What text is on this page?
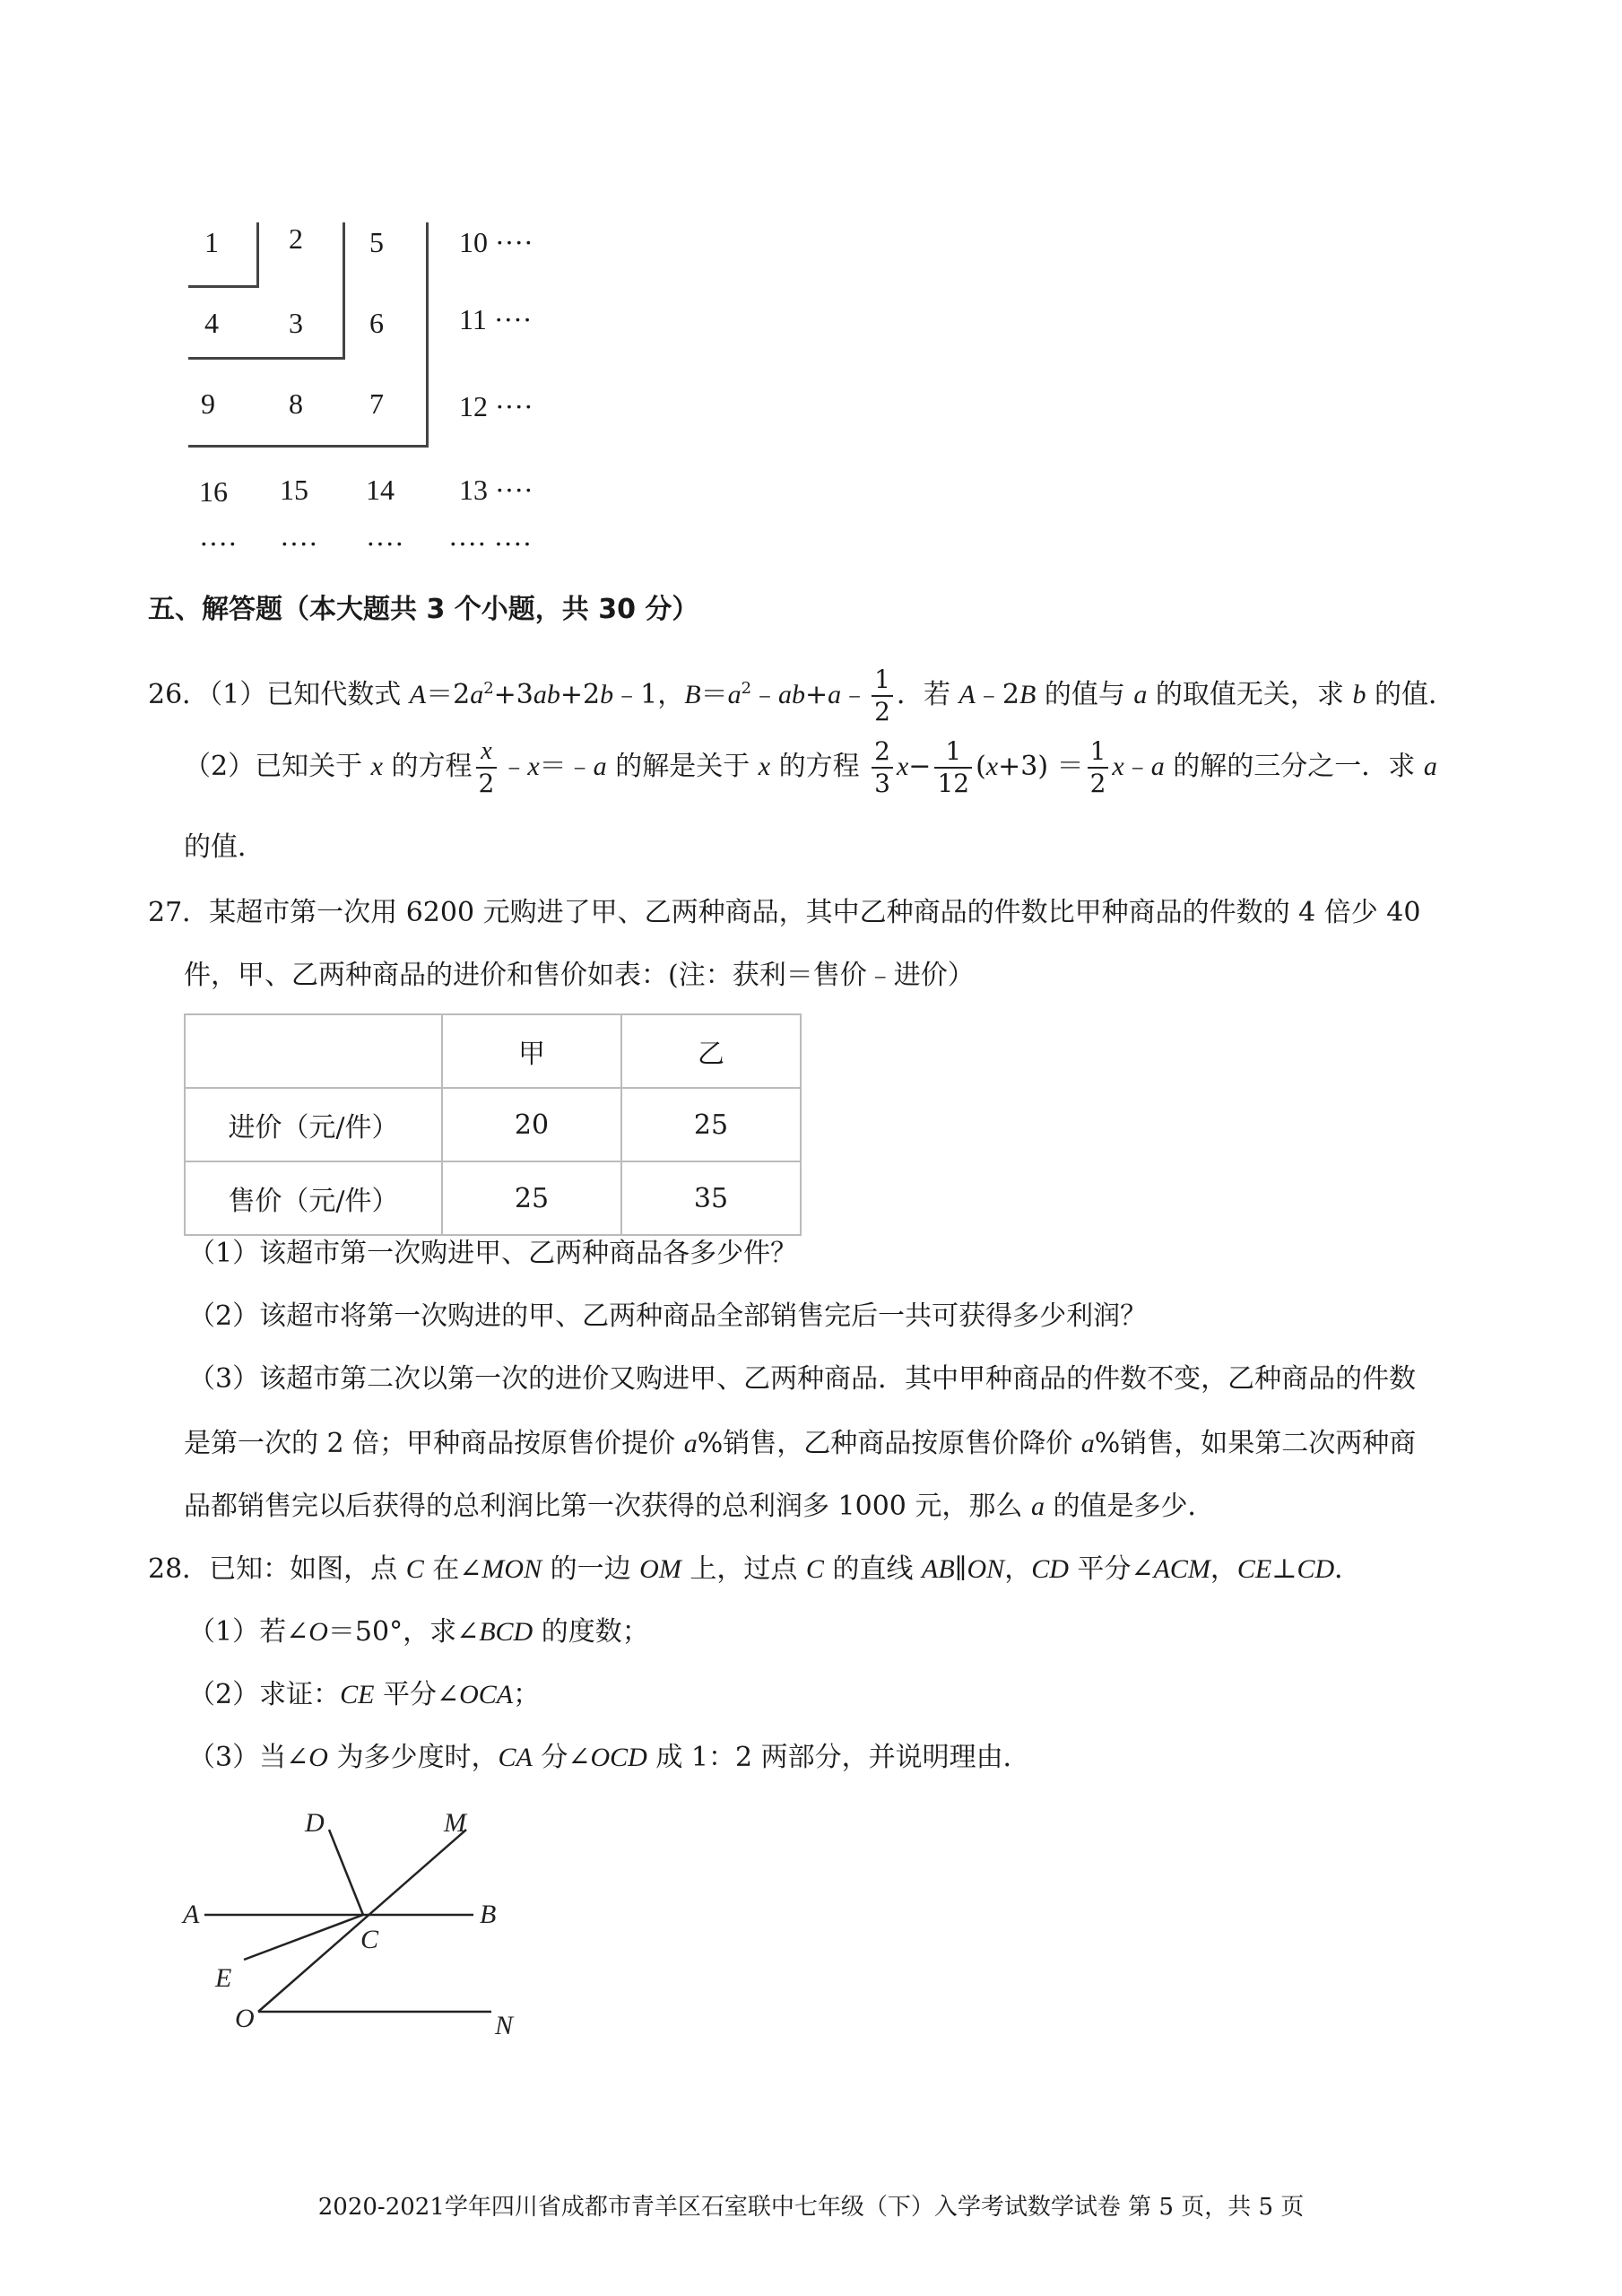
1 2 5	10 ····
4 3 6	11 ····
9	8 7	12 ····
16 15 14 13 ····
···· ···· ···· ···· ····
五、解答题（本大题共 3 个小题，共 30 分）
26．（1）已知代数式 $A=2a^2+3ab+2b﹣1$，$B=a^2﹣ab+a﹣ \frac{1}{2}$ ．若 A﹣2B 的值与 a 的取值无关，求 b 的值．
（2）已知关于 x 的方程 $\frac{x}{2}$ ﹣x＝﹣a 的解是关于 x 的方程 $\frac{2}{3} x- \frac{1}{12} (x+3) = \frac{1}{2}$ x﹣a 的解的三分之一．求 a
的值．
27．某超市第一次用 6200 元购进了甲、乙两种商品，其中乙种商品的件数比甲种商品的件数的 4 倍少 40
件，甲、乙两种商品的进价和售价如表：(注：获利＝售价﹣进价）
	甲	乙
进价（元/件）	20	25
售价（元/件）	25	35
（1）该超市第一次购进甲、乙两种商品各多少件？
（2）该超市将第一次购进的甲、乙两种商品全部销售完后一共可获得多少利润？
（3）该超市第二次以第一次的进价又购进甲、乙两种商品．其中甲种商品的件数不变，乙种商品的件数
是第一次的 2 倍；甲种商品按原售价提价 a%销售，乙种商品按原售价降价 a%销售，如果第二次两种商
品都销售完以后获得的总利润比第一次获得的总利润多 1000 元，那么 a 的值是多少．
28．已知：如图，点 C 在∠MON 的一边 OM 上，过点 C 的直线 AB∥ON，CD 平分∠ACM，CE⊥CD．
（1）若∠O＝50°，求∠BCD 的度数；
（2）求证：CE 平分∠OCA；
（3）当∠O 为多少度时，CA 分∠OCD 成 1：2 两部分，并说明理由．
D	M
A	B
C
E
O	N
2020-2021学年四川省成都市青羊区石室联中七年级（下）入学考试数学试卷 第 5 页，共 5 页
